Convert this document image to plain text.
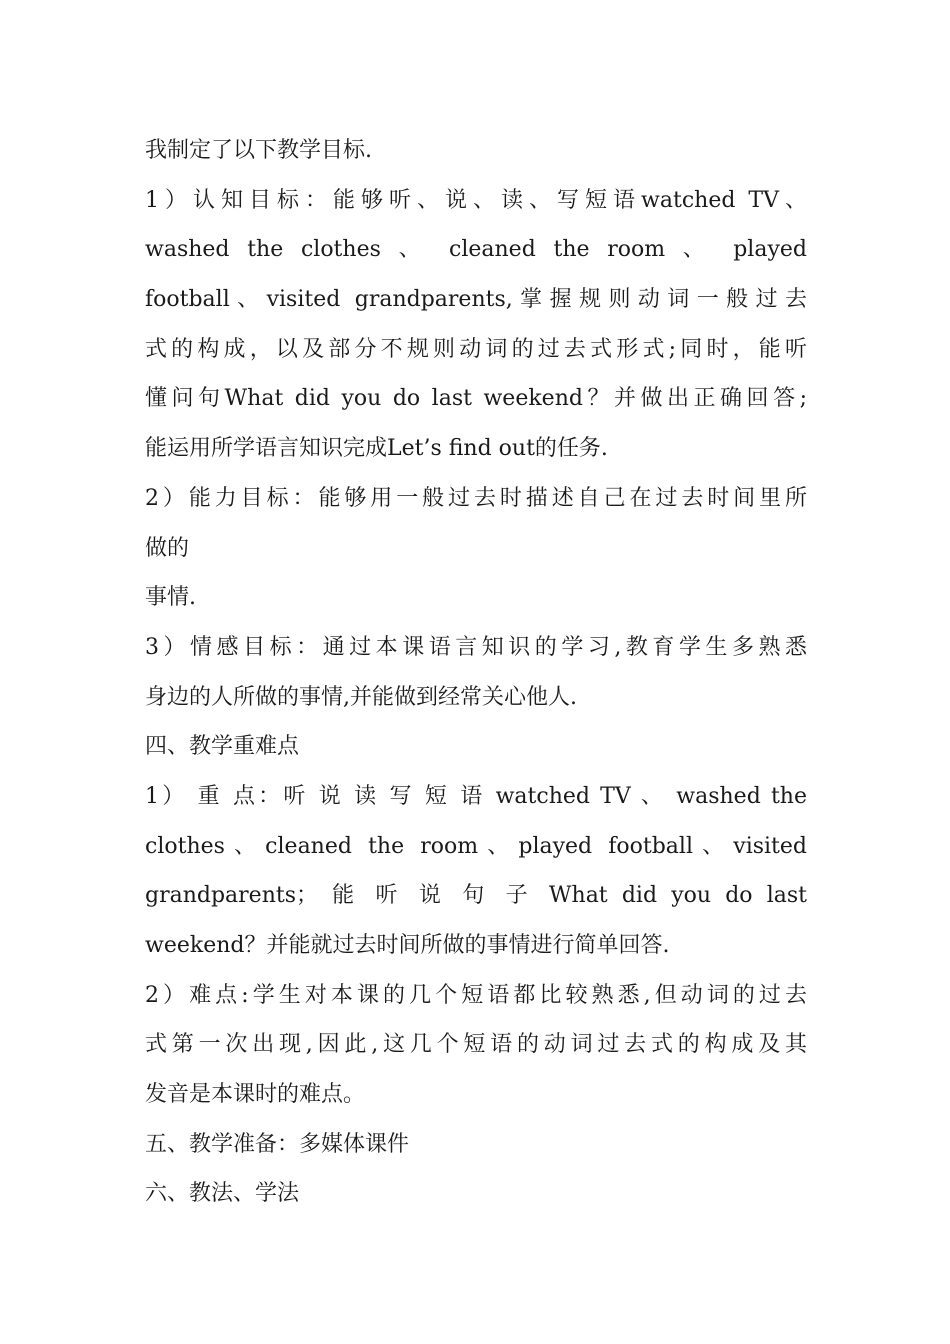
我制定了以下教学目标.
1）认知目标：能够听、说、读、写短语watched TV、
washed the clothes 、 cleaned the room 、 played
football、visited grandparents,掌握规则动词一般过去
式的构成，以及部分不规则动词的过去式形式;同时，能听
懂问句What did you do last weekend？并做出正确回答;
能运用所学语言知识完成Let’s find out的任务.
2）能力目标：能够用一般过去时描述自己在过去时间里所
做的
事情.
3）情感目标：通过本课语言知识的学习,教育学生多熟悉
身边的人所做的事情,并能做到经常关心他人.
四、教学重难点
1） 重 点：听 说 读 写 短 语 watched TV 、 washed the
clothes、cleaned the room、played football、visited
grandparents； 能 听 说 句 子 What did you do last
weekend？并能就过去时间所做的事情进行简单回答.
2）难点:学生对本课的几个短语都比较熟悉,但动词的过去
式第一次出现,因此,这几个短语的动词过去式的构成及其
发音是本课时的难点。
五、教学准备：多媒体课件
六、教法、学法
